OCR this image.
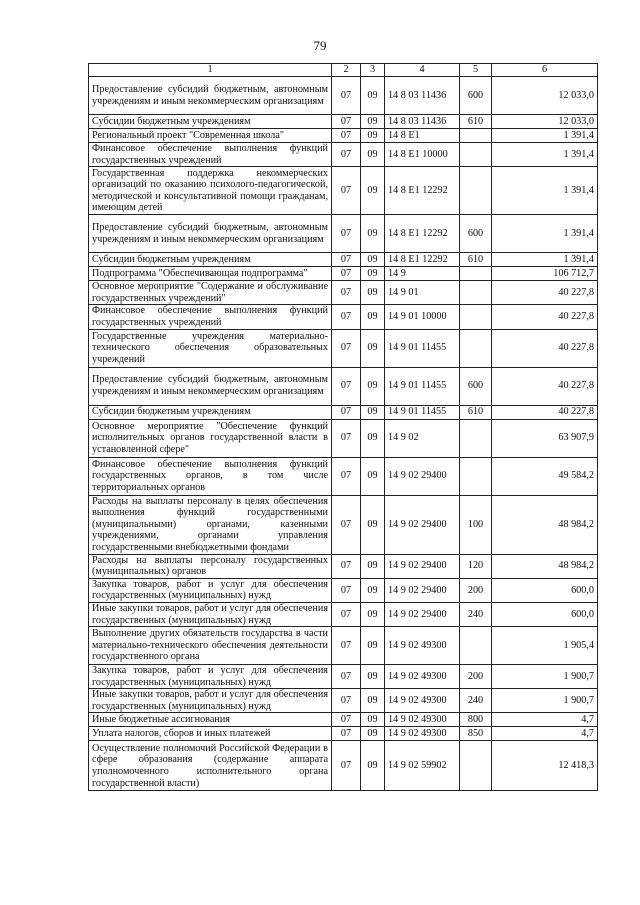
79
1	2	3	4	5	6
Предоставление субсидий бюджетным, автономным учреждениям и иным некоммерческим организациям	07	09	14 8 03 11436	600	12 033,0
Субсидии бюджетным учреждениям	07	09	14 8 03 11436	610	12 033,0
Региональный проект "Современная школа"	07	09	14 8 E1		1 391,4
Финансовое обеспечение выполнения функций государственных учреждений	07	09	14 8 E1 10000		1 391,4
Государственная поддержка некоммерческих организаций по оказанию психолого-педагогической, методической и консультативной помощи гражданам, имеющим детей	07	09	14 8 E1 12292		1 391,4
Предоставление субсидий бюджетным, автономным учреждениям и иным некоммерческим организациям	07	09	14 8 E1 12292	600	1 391,4
Субсидии бюджетным учреждениям	07	09	14 8 E1 12292	610	1 391,4
Подпрограмма "Обеспечивающая подпрограмма"	07	09	14 9		106 712,7
Основное мероприятие "Содержание и обслуживание государственных учреждений"	07	09	14 9 01		40 227,8
Финансовое обеспечение выполнения функций государственных учреждений	07	09	14 9 01 10000		40 227,8
Государственные учреждения материально-технического обеспечения образовательных учреждений	07	09	14 9 01 11455		40 227,8
Предоставление субсидий бюджетным, автономным учреждениям и иным некоммерческим организациям	07	09	14 9 01 11455	600	40 227,8
Субсидии бюджетным учреждениям	07	09	14 9 01 11455	610	40 227,8
Основное мероприятие "Обеспечение функций исполнительных органов государственной власти в установленной сфере"	07	09	14 9 02		63 907,9
Финансовое обеспечение выполнения функций государственных органов, в том числе территориальных органов	07	09	14 9 02 29400		49 584,2
Расходы на выплаты персоналу в целях обеспечения выполнения функций государственными (муниципальными) органами, казенными учреждениями, органами управления государственными внебюджетными фондами	07	09	14 9 02 29400	100	48 984,2
Расходы на выплаты персоналу государственных (муниципальных) органов	07	09	14 9 02 29400	120	48 984,2
Закупка товаров, работ и услуг для обеспечения государственных (муниципальных) нужд	07	09	14 9 02 29400	200	600,0
Иные закупки товаров, работ и услуг для обеспечения государственных (муниципальных) нужд	07	09	14 9 02 29400	240	600,0
Выполнение других обязательств государства в части материально-технического обеспечения деятельности государственного органа	07	09	14 9 02 49300		1 905,4
Закупка товаров, работ и услуг для обеспечения государственных (муниципальных) нужд	07	09	14 9 02 49300	200	1 900,7
Иные закупки товаров, работ и услуг для обеспечения государственных (муниципальных) нужд	07	09	14 9 02 49300	240	1 900,7
Иные бюджетные ассигнования	07	09	14 9 02 49300	800	4,7
Уплата налогов, сборов и иных платежей	07	09	14 9 02 49300	850	4,7
Осуществление полномочий Российской Федерации в сфере образования (содержание аппарата уполномоченного исполнительного органа государственной власти)	07	09	14 9 02 59902		12 418,3
